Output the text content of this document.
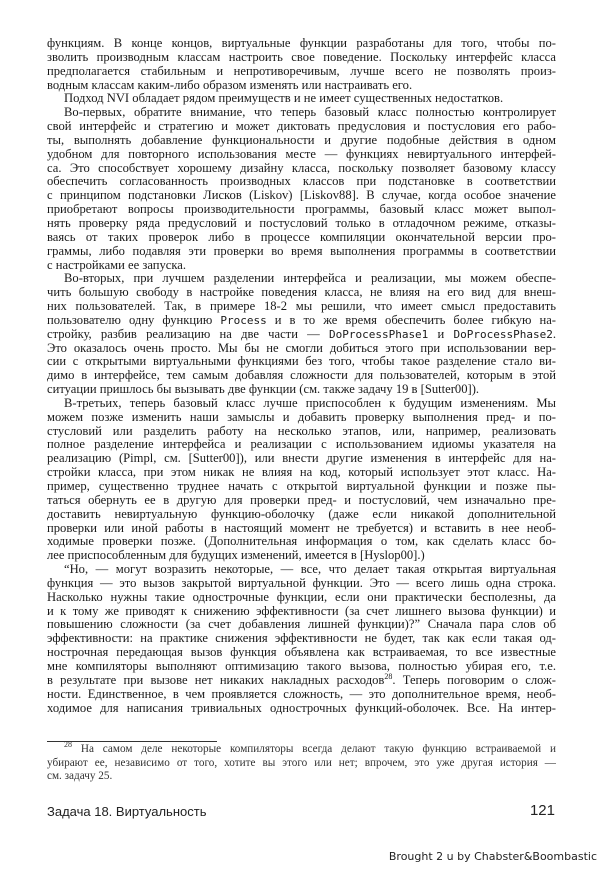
функциям. В конце концов, виртуальные функции разработаны для того, чтобы по-
зволить производным классам настроить свое поведение. Поскольку интерфейс класса
предполагается стабильным и непротиворечивым, лучше всего не позволять произ-
водным классам каким-либо образом изменять или настраивать его.
Подход NVI обладает рядом преимуществ и не имеет существенных недостатков.
Во-первых, обратите внимание, что теперь базовый класс полностью контролирует
свой интерфейс и стратегию и может диктовать предусловия и постусловия его рабо-
ты, выполнять добавление функциональности и другие подобные действия в одном
удобном для повторного использования месте — функциях невиртуального интерфей-
са. Это способствует хорошему дизайну класса, поскольку позволяет базовому классу
обеспечить согласованность производных классов при подстановке в соответствии
с принципом подстановки Лисков (Liskov) [Liskov88]. В случае, когда особое значение
приобретают вопросы производительности программы, базовый класс может выпол-
нять проверку ряда предусловий и постусловий только в отладочном режиме, отказы-
ваясь от таких проверок либо в процессе компиляции окончательной версии про-
граммы, либо подавляя эти проверки во время выполнения программы в соответствии
с настройками ее запуска.
Во-вторых, при лучшем разделении интерфейса и реализации, мы можем обеспе-
чить большую свободу в настройке поведения класса, не влияя на его вид для внеш-
них пользователей. Так, в примере 18-2 мы решили, что имеет смысл предоставить
пользователю одну функцию Process и в то же время обеспечить более гибкую на-
стройку, разбив реализацию на две части — DoProcessPhase1 и DoProcessPhase2.
Это оказалось очень просто. Мы бы не смогли добиться этого при использовании вер-
сии с открытыми виртуальными функциями без того, чтобы такое разделение стало ви-
димо в интерфейсе, тем самым добавляя сложности для пользователей, которым в этой
ситуации пришлось бы вызывать две функции (см. также задачу 19 в [Sutter00]).
В-третьих, теперь базовый класс лучше приспособлен к будущим изменениям. Мы
можем позже изменить наши замыслы и добавить проверку выполнения пред- и по-
стусловий или разделить работу на несколько этапов, или, например, реализовать
полное разделение интерфейса и реализации с использованием идиомы указателя на
реализацию (Pimpl, см. [Sutter00]), или внести другие изменения в интерфейс для на-
стройки класса, при этом никак не влияя на код, который использует этот класс. На-
пример, существенно труднее начать с открытой виртуальной функции и позже пы-
таться обернуть ее в другую для проверки пред- и постусловий, чем изначально пре-
доставить невиртуальную функцию-оболочку (даже если никакой дополнительной
проверки или иной работы в настоящий момент не требуется) и вставить в нее необ-
ходимые проверки позже. (Дополнительная информация о том, как сделать класс бо-
лее приспособленным для будущих изменений, имеется в [Hyslop00].)
“Но, — могут возразить некоторые, — все, что делает такая открытая виртуальная
функция — это вызов закрытой виртуальной функции. Это — всего лишь одна строка.
Насколько нужны такие однострочные функции, если они практически бесполезны, да
и к тому же приводят к снижению эффективности (за счет лишнего вызова функции) и
повышению сложности (за счет добавления лишней функции)?” Сначала пара слов об
эффективности: на практике снижения эффективности не будет, так как если такая од-
нострочная передающая вызов функция объявлена как встраиваемая, то все известные
мне компиляторы выполняют оптимизацию такого вызова, полностью убирая его, т.е.
в результате при вызове нет никаких накладных расходов$^{28}$. Теперь поговорим о слож-
ности. Единственное, в чем проявляется сложность, — это дополнительное время, необ-
ходимое для написания тривиальных однострочных функций-оболочек. Все. На интер-
$^{28}$ На самом деле некоторые компиляторы всегда делают такую функцию встраиваемой и
убирают ее, независимо от того, хотите вы этого или нет; впрочем, это уже другая история —
см. задачу 25.
Задача 18. Виртуальность	121
Brought 2 u by Chabster&Boombastic
